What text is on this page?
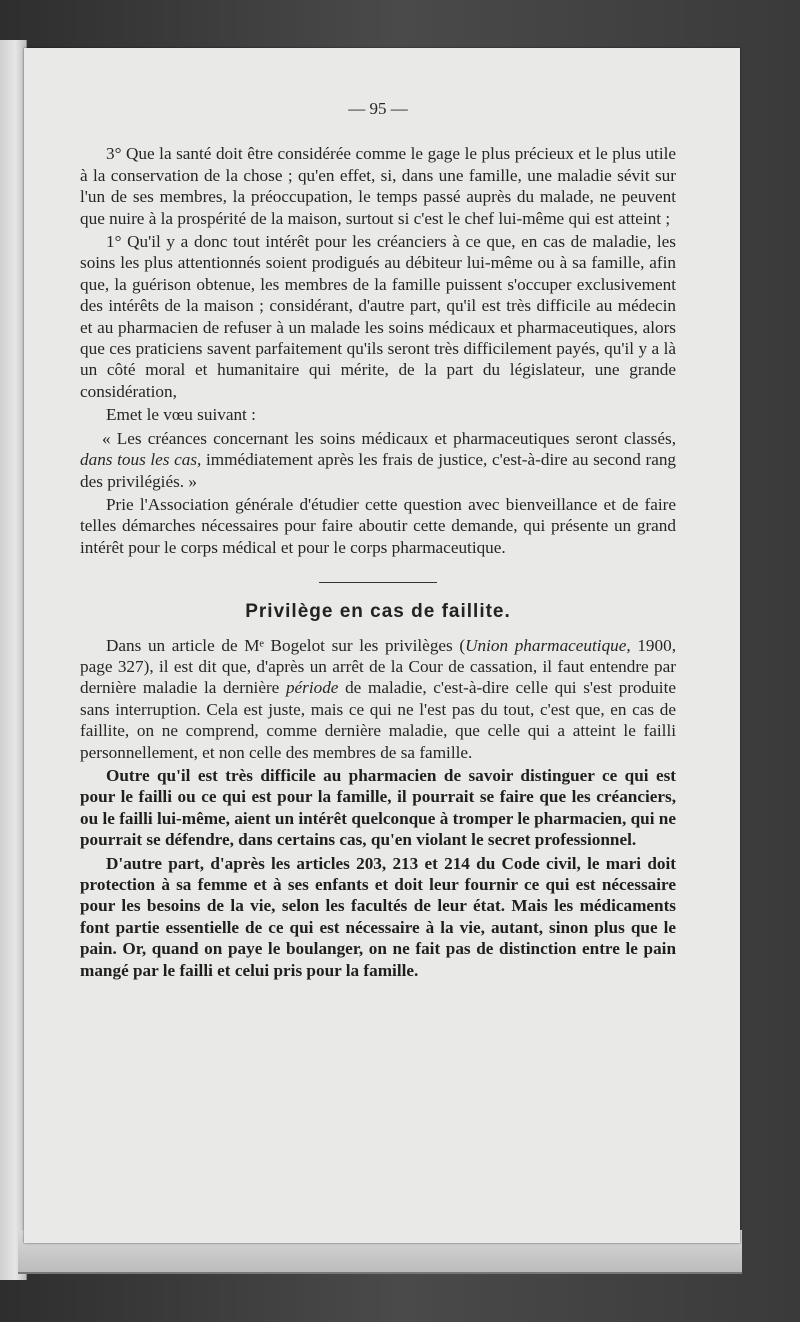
— 95 —

3° Que la santé doit être considérée comme le gage le plus précieux et le plus utile à la conservation de la chose ; qu'en effet, si, dans une famille, une maladie sévit sur l'un de ses membres, la préoccupation, le temps passé auprès du malade, ne peuvent que nuire à la prospérité de la maison, surtout si c'est le chef lui-même qui est atteint ;

1° Qu'il y a donc tout intérêt pour les créanciers à ce que, en cas de maladie, les soins les plus attentionnés soient prodigués au débiteur lui-même ou à sa famille, afin que, la guérison obtenue, les membres de la famille puissent s'occuper exclusivement des intérêts de la maison ; considérant, d'autre part, qu'il est très difficile au médecin et au pharmacien de refuser à un malade les soins médicaux et pharmaceutiques, alors que ces praticiens savent parfaitement qu'ils seront très difficilement payés, qu'il y a là un côté moral et humanitaire qui mérite, de la part du législateur, une grande considération,

Emet le vœu suivant :

« Les créances concernant les soins médicaux et pharmaceutiques seront classés, dans tous les cas, immédiatement après les frais de justice, c'est-à-dire au second rang des privilégiés. »

Prie l'Association générale d'étudier cette question avec bienveillance et de faire telles démarches nécessaires pour faire aboutir cette demande, qui présente un grand intérêt pour le corps médical et pour le corps pharmaceutique.

Privilège en cas de faillite.

Dans un article de Mᵉ Bogelot sur les privilèges (Union pharmaceutique, 1900, page 327), il est dit que, d'après un arrêt de la Cour de cassation, il faut entendre par dernière maladie la dernière période de maladie, c'est-à-dire celle qui s'est produite sans interruption. Cela est juste, mais ce qui ne l'est pas du tout, c'est que, en cas de faillite, on ne comprend, comme dernière maladie, que celle qui a atteint le failli personnellement, et non celle des membres de sa famille.

Outre qu'il est très difficile au pharmacien de savoir distinguer ce qui est pour le failli ou ce qui est pour la famille, il pourrait se faire que les créanciers, ou le failli lui-même, aient un intérêt quelconque à tromper le pharmacien, qui ne pourrait se défendre, dans certains cas, qu'en violant le secret professionnel.

D'autre part, d'après les articles 203, 213 et 214 du Code civil, le mari doit protection à sa femme et à ses enfants et doit leur fournir ce qui est nécessaire pour les besoins de la vie, selon les facultés de leur état. Mais les médicaments font partie essentielle de ce qui est nécessaire à la vie, autant, sinon plus que le pain. Or, quand on paye le boulanger, on ne fait pas de distinction entre le pain mangé par le failli et celui pris pour la famille.
